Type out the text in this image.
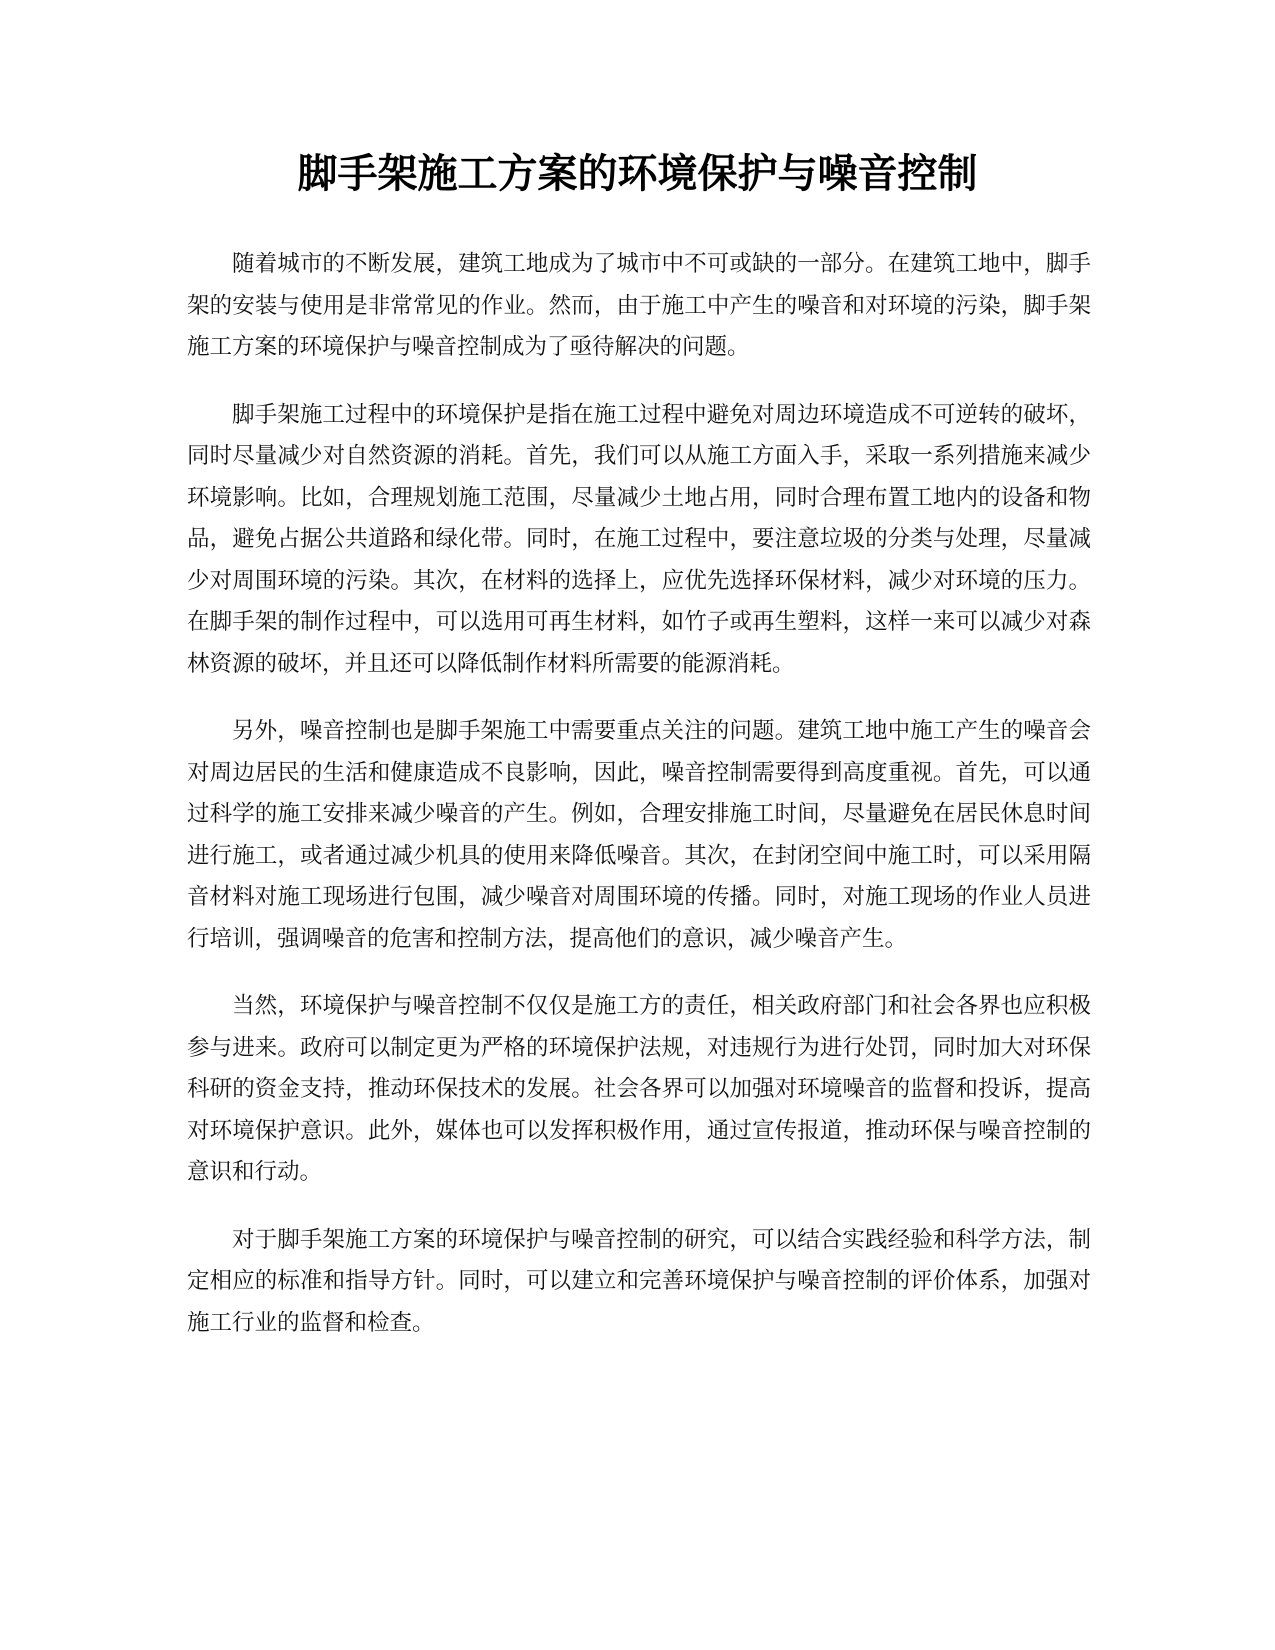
脚手架施工方案的环境保护与噪音控制

随着城市的不断发展，建筑工地成为了城市中不可或缺的一部分。在建筑工地中，脚手架的安装与使用是非常常见的作业。然而，由于施工中产生的噪音和对环境的污染，脚手架施工方案的环境保护与噪音控制成为了亟待解决的问题。

脚手架施工过程中的环境保护是指在施工过程中避免对周边环境造成不可逆转的破坏，同时尽量减少对自然资源的消耗。首先，我们可以从施工方面入手，采取一系列措施来减少环境影响。比如，合理规划施工范围，尽量减少土地占用，同时合理布置工地内的设备和物品，避免占据公共道路和绿化带。同时，在施工过程中，要注意垃圾的分类与处理，尽量减少对周围环境的污染。其次，在材料的选择上，应优先选择环保材料，减少对环境的压力。在脚手架的制作过程中，可以选用可再生材料，如竹子或再生塑料，这样一来可以减少对森林资源的破坏，并且还可以降低制作材料所需要的能源消耗。

另外，噪音控制也是脚手架施工中需要重点关注的问题。建筑工地中施工产生的噪音会对周边居民的生活和健康造成不良影响，因此，噪音控制需要得到高度重视。首先，可以通过科学的施工安排来减少噪音的产生。例如，合理安排施工时间，尽量避免在居民休息时间进行施工，或者通过减少机具的使用来降低噪音。其次，在封闭空间中施工时，可以采用隔音材料对施工现场进行包围，减少噪音对周围环境的传播。同时，对施工现场的作业人员进行培训，强调噪音的危害和控制方法，提高他们的意识，减少噪音产生。

当然，环境保护与噪音控制不仅仅是施工方的责任，相关政府部门和社会各界也应积极参与进来。政府可以制定更为严格的环境保护法规，对违规行为进行处罚，同时加大对环保科研的资金支持，推动环保技术的发展。社会各界可以加强对环境噪音的监督和投诉，提高对环境保护意识。此外，媒体也可以发挥积极作用，通过宣传报道，推动环保与噪音控制的意识和行动。

对于脚手架施工方案的环境保护与噪音控制的研究，可以结合实践经验和科学方法，制定相应的标准和指导方针。同时，可以建立和完善环境保护与噪音控制的评价体系，加强对施工行业的监督和检查。
